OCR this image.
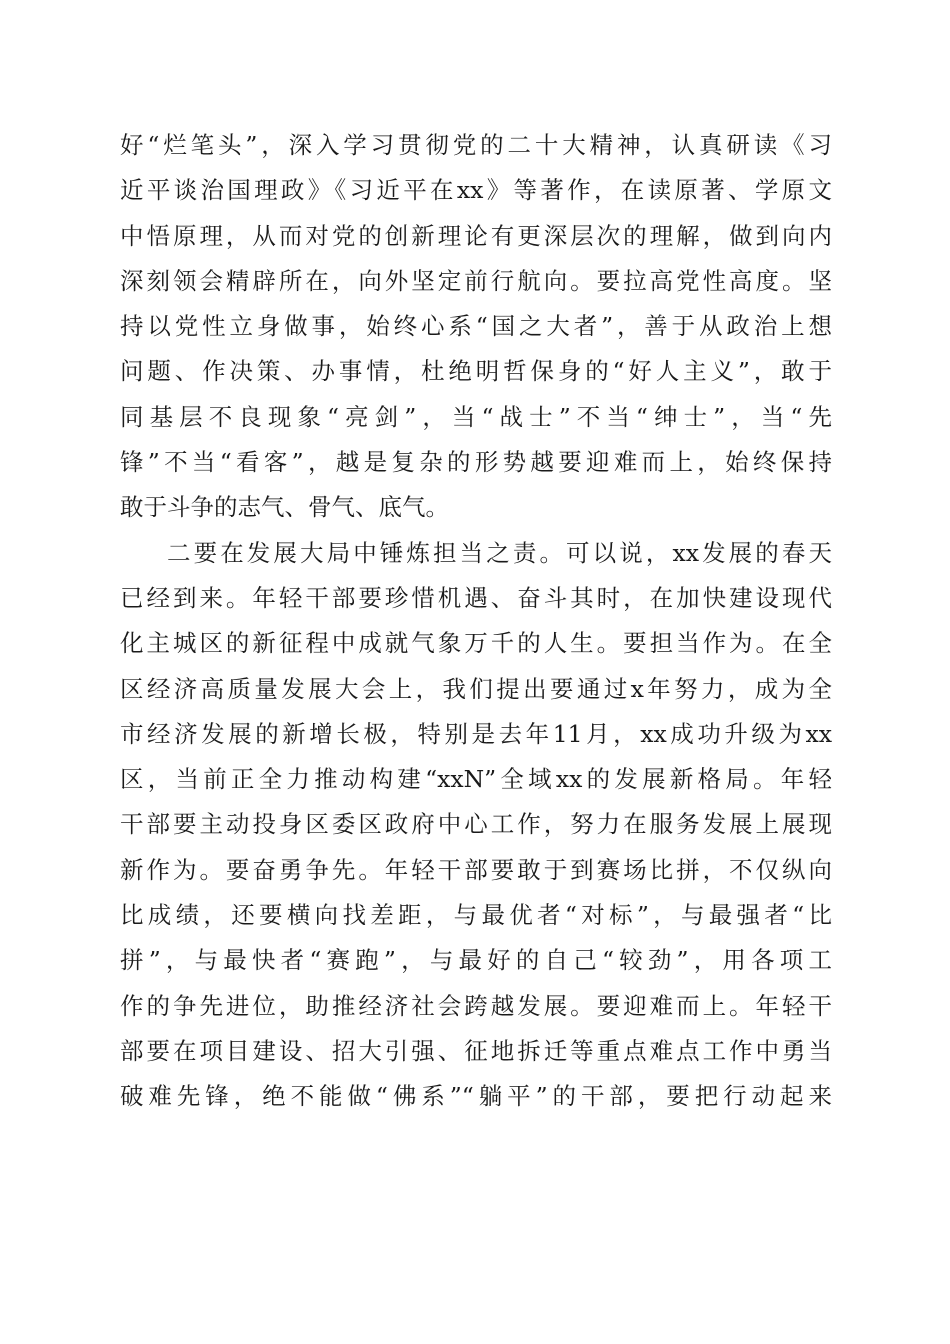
好“烂笔头”，深入学习贯彻党的二十大精神，认真研读《习
近平谈治国理政》《习近平在xx》等著作，在读原著、学原文
中悟原理，从而对党的创新理论有更深层次的理解，做到向内
深刻领会精辟所在，向外坚定前行航向。要拉高党性高度。坚
持以党性立身做事，始终心系“国之大者”，善于从政治上想
问题、作决策、办事情，杜绝明哲保身的“好人主义”，敢于
同基层不良现象“亮剑”，当“战士”不当“绅士”，当“先
锋”不当“看客”，越是复杂的形势越要迎难而上，始终保持
敢于斗争的志气、骨气、底气。
二要在发展大局中锤炼担当之责。可以说，xx发展的春天
已经到来。年轻干部要珍惜机遇、奋斗其时，在加快建设现代
化主城区的新征程中成就气象万千的人生。要担当作为。在全
区经济高质量发展大会上，我们提出要通过x年努力，成为全
市经济发展的新增长极，特别是去年11月，xx成功升级为xx
区，当前正全力推动构建“xxN”全域xx的发展新格局。年轻
干部要主动投身区委区政府中心工作，努力在服务发展上展现
新作为。要奋勇争先。年轻干部要敢于到赛场比拼，不仅纵向
比成绩，还要横向找差距，与最优者“对标”，与最强者“比
拼”，与最快者“赛跑”，与最好的自己“较劲”，用各项工
作的争先进位，助推经济社会跨越发展。要迎难而上。年轻干
部要在项目建设、招大引强、征地拆迁等重点难点工作中勇当
破难先锋，绝不能做“佛系”“躺平”的干部，要把行动起来
